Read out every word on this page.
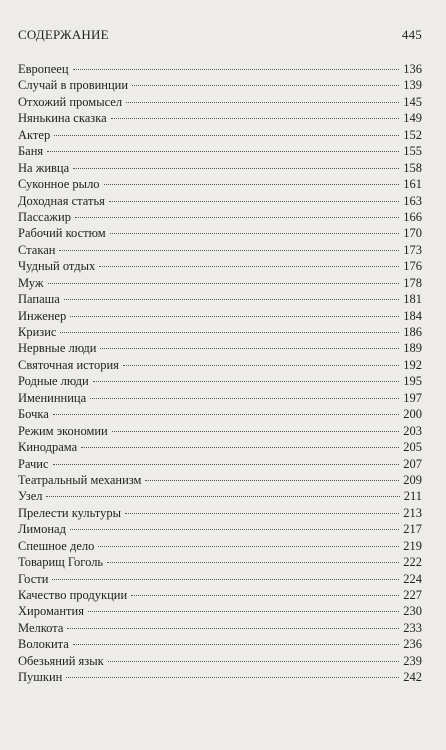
СОДЕРЖАНИЕ	445
Европеец	136
Случай в провинции	139
Отхожий промысел	145
Нянькина сказка	149
Актер	152
Баня	155
На живца	158
Суконное рыло	161
Доходная статья	163
Пассажир	166
Рабочий костюм	170
Стакан	173
Чудный отдых	176
Муж	178
Папаша	181
Инженер	184
Кризис	186
Нервные люди	189
Святочная история	192
Родные люди	195
Именинница	197
Бочка	200
Режим экономии	203
Кинодрама	205
Рачис	207
Театральный механизм	209
Узел	211
Прелести культуры	213
Лимонад	217
Спешное дело	219
Товарищ Гоголь	222
Гости	224
Качество продукции	227
Хиромантия	230
Мелкота	233
Волокита	236
Обезьяний язык	239
Пушкин	242
